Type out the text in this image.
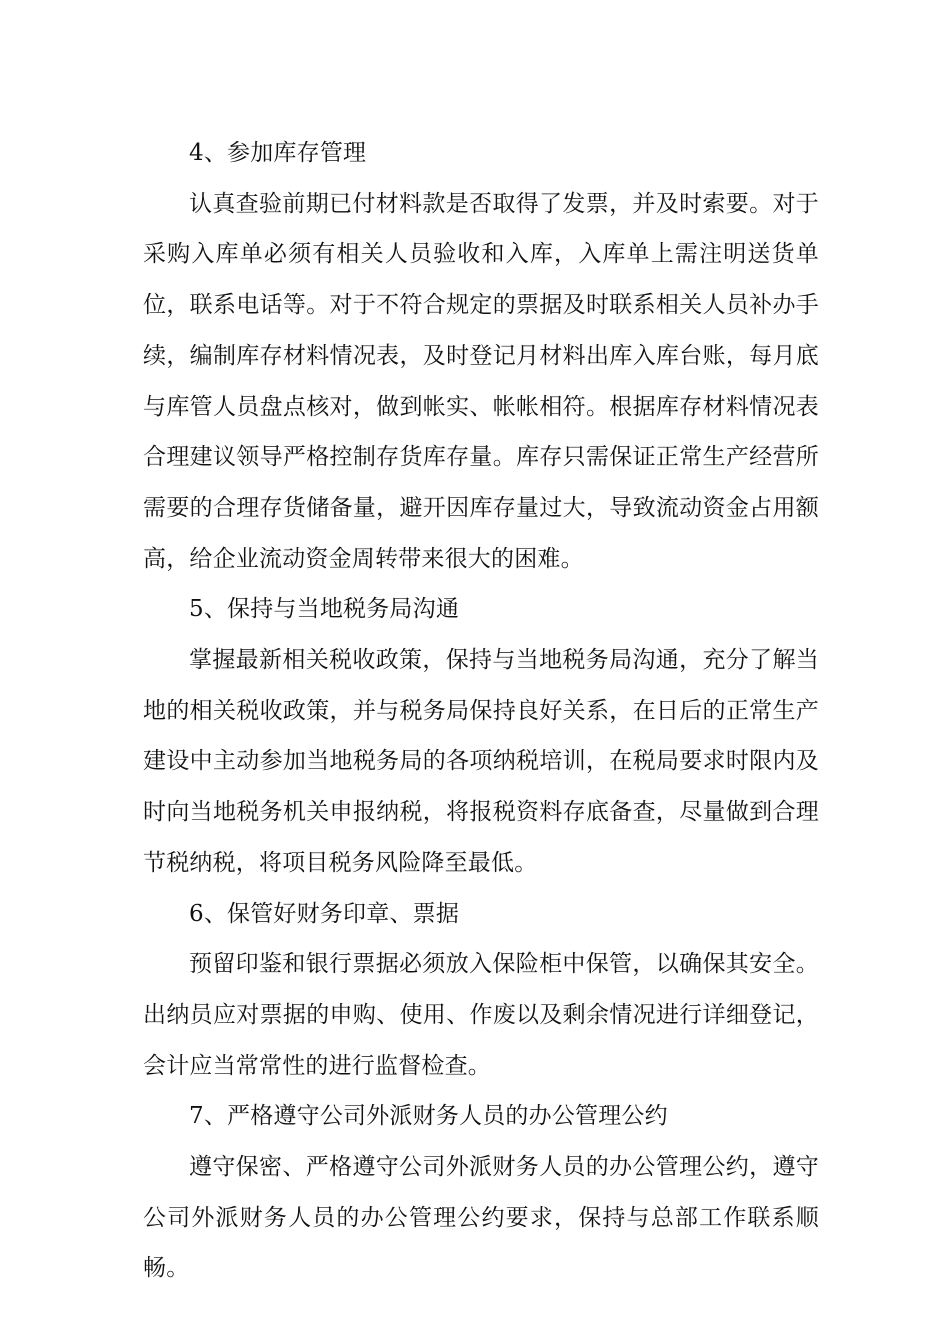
4、参加库存管理

认真查验前期已付材料款是否取得了发票，并及时索要。对于采购入库单必须有相关人员验收和入库，入库单上需注明送货单位，联系电话等。对于不符合规定的票据及时联系相关人员补办手续，编制库存材料情况表，及时登记月材料出库入库台账，每月底与库管人员盘点核对，做到帐实、帐帐相符。根据库存材料情况表合理建议领导严格控制存货库存量。库存只需保证正常生产经营所需要的合理存货储备量，避开因库存量过大，导致流动资金占用额高，给企业流动资金周转带来很大的困难。

5、保持与当地税务局沟通

掌握最新相关税收政策，保持与当地税务局沟通，充分了解当地的相关税收政策，并与税务局保持良好关系，在日后的正常生产建设中主动参加当地税务局的各项纳税培训，在税局要求时限内及时向当地税务机关申报纳税，将报税资料存底备查，尽量做到合理节税纳税，将项目税务风险降至最低。

6、保管好财务印章、票据

预留印鉴和银行票据必须放入保险柜中保管，以确保其安全。出纳员应对票据的申购、使用、作废以及剩余情况进行详细登记，会计应当常常性的进行监督检查。

7、严格遵守公司外派财务人员的办公管理公约

遵守保密、严格遵守公司外派财务人员的办公管理公约，遵守公司外派财务人员的办公管理公约要求，保持与总部工作联系顺畅。
